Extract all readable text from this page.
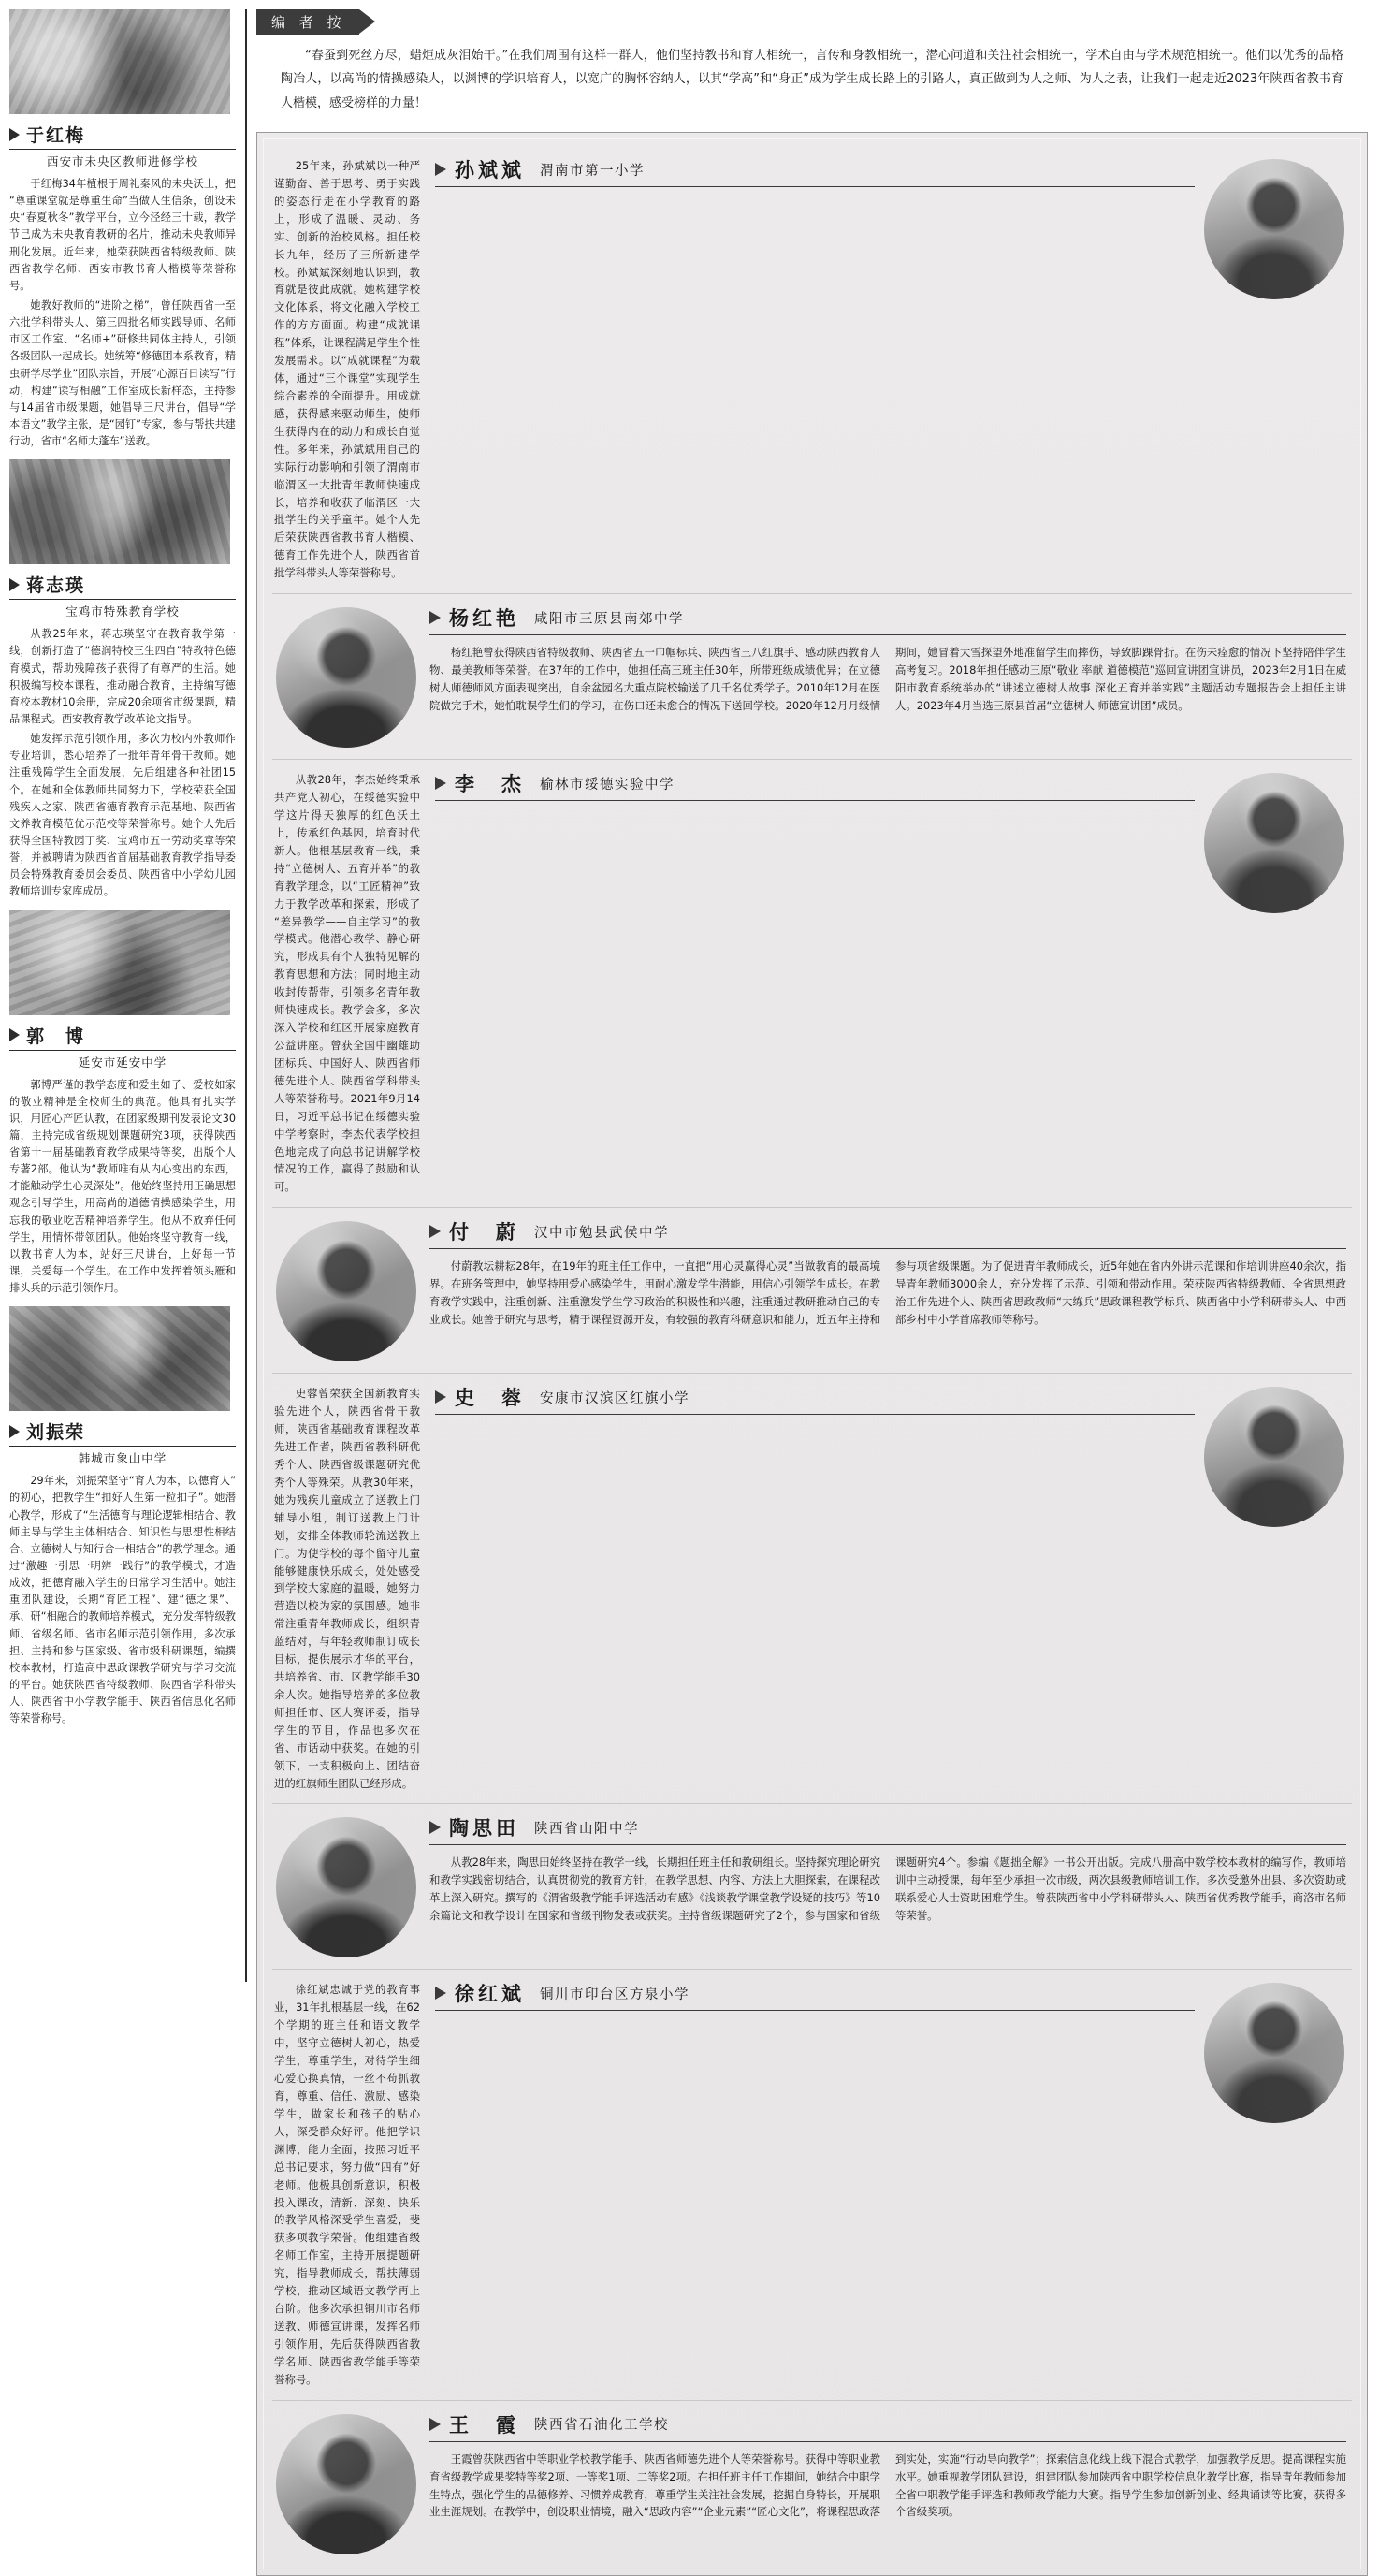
于红梅
西安市未央区教师进修学校

于红梅34年植根于周礼秦风的未央沃土，把“尊重课堂就是尊重生命”当做人生信条，创设未央“春夏秋冬”教学平台，立今泾经三十载，教学节己成为未央教育教研的名片，推动未央教师异刑化发展。近年来，她荣获陕西省特级教师、陕西省教学名师、西安市教书育人楷模等荣誉称号。

她教好教师的“进阶之梯”，曾任陕西省一至六批学科带头人、第三四批名师实践导师、名师市区工作室、“名师+”研修共同体主持人，引领各级团队一起成长。她统筹“修德团本系教育，精虫研学尽学业”团队宗旨，开展“心源百日读写”行动，构建“读写相融”工作室成长新样态，主持参与14届省市级课题，她倡导三尺讲台，倡导“学本语文”教学主张，是“园钉”专家，参与帮扶共建行动，省市“名师大蓬车”送教。

蒋志瑛
宝鸡市特殊教育学校

从教25年来，蒋志瑛坚守在教育教学第一线，创新打造了“德润特校三生四自”特教特色德育模式，帮助残障孩子获得了有尊严的生活。她积极编写校本课程，推动融合教育，主持编写德育校本教材10余册，完成20余项省市级课题，精品课程式。西安教育教学改革论文指导。

她发挥示范引领作用，多次为校内外教师作专业培训，悉心培养了一批年青年骨干教师。她注重残障学生全面发展，先后组建各种社团15个。在她和全体教师共同努力下，学校荣获全国残疾人之家、陕西省德育教育示范基地、陕西省文养教育模范优示范校等荣誉称号。她个人先后获得全国特教园丁奖、宝鸡市五一劳动奖章等荣誉，并被聘请为陕西省首届基础教育教学指导委员会特殊教育委员会委员、陕西省中小学幼儿园教师培训专家库成员。

郭　博
延安市延安中学

郭博严谨的教学态度和爱生如子、爱校如家的敬业精神是全校师生的典范。他具有扎实学识，用匠心产匠认教，在团家级期刊发表论文30篇，主持完成省级规划课题研究3项，获得陕西省第十一届基础教育教学成果特等奖，出版个人专著2部。他认为“教师唯有从内心变出的东西，才能触动学生心灵深处”。他始终坚持用正确思想观念引导学生，用高尚的道德情操感染学生，用忘我的敬业吃苦精神培养学生。他从不放弃任何学生，用情怀带领团队。他始终坚守教育一线，以教书育人为本，站好三尺讲台，上好每一节课，关爱每一个学生。在工作中发挥着领头雁和排头兵的示范引领作用。

刘振荣
韩城市象山中学

29年来，刘振荣坚守“育人为本，以德育人”的初心，把教学生“扣好人生第一粒扣子”。她潜心教学，形成了“生活德育与理论逻辑相结合、教师主导与学生主体相结合、知识性与思想性相结合、立德树人与知行合一相结合”的教学理念。通过“激趣一引思一明辨一践行”的教学模式，才造成效，把德育融入学生的日常学习生活中。她注重团队建设，长期“育匠工程”、建“德之课”、承、研“相融合的教师培养模式，充分发挥特级教师、省级名师、省市名师示范引领作用，多次承担、主持和参与国家级、省市级科研课题，编撰校本教材，打造高中思政课教学研究与学习交流的平台。她获陕西省特级教师、陕西省学科带头人、陕西省中小学教学能手、陕西省信息化名师等荣誉称号。

编 者 按

“春蚕到死丝方尽，蜡炬成灰泪始干。”在我们周围有这样一群人，他们坚持教书和育人相统一，言传和身教相统一，潜心问道和关注社会相统一，学术自由与学术规范相统一。他们以优秀的品格陶冶人，以高尚的情操感染人，以渊博的学识培育人，以宽广的胸怀容纳人，以其“学高”和“身正”成为学生成长路上的引路人，真正做到为人之师、为人之表，让我们一起走近2023年陕西省教书育人楷模，感受榜样的力量！

25年来，孙斌斌以一种严谨勤奋、善于思考、勇于实践的姿态行走在小学教育的路上，形成了温暖、灵动、务实、创新的治校风格。担任校长九年，经历了三所新建学校。孙斌斌深刻地认识到，教育就是彼此成就。她构建学校文化体系，将文化融入学校工作的方方面面。构建“成就课程”体系，让课程满足学生个性发展需求。以“成就课程”为载体，通过“三个课堂”实现学生综合素养的全面提升。用成就感，获得感来驱动师生，使师生获得内在的动力和成长自觉性。多年来，孙斌斌用自己的实际行动影响和引领了渭南市临渭区一大批青年教师快速成长，培养和收获了临渭区一大批学生的关乎童年。她个人先后荣获陕西省教书育人楷模、德育工作先进个人，陕西省首批学科带头人等荣誉称号。

孙斌斌 渭南市第一小学
杨红艳 咸阳市三原县南郊中学

杨红艳曾获得陕西省特级教师、陕西省五一巾帼标兵、陕西省三八红旗手、感动陕西教育人物、最美教师等荣誉。在37年的工作中，她担任高三班主任30年，所带班级成绩优异；在立德树人师德师风方面表现突出，自余盆园名大重点院校输送了几千名优秀学子。2010年12月在医院做完手术，她怕耽误学生们的学习，在伤口还未愈合的情况下送回学校。2020年12月月级情期间，她冒着大雪探望外地准留学生而摔伤，导致脚踝骨折。在伤未痊愈的情况下坚持陪伴学生高考复习。2018年担任感动三原“敬业 率献 道德模范”巡回宣讲团宣讲员，2023年2月1日在威阳市教育系统举办的“讲述立德树人故事 深化五育并举实践”主题活动专题报告会上担任主讲人。2023年4月当选三原县首届“立德树人 师德宣讲团”成员。

从教28年，李杰始终秉承共产党人初心，在绥德实验中学这片得天独厚的红色沃土上，传承红色基因，培育时代新人。他根基层教育一线，秉持“立德树人、五育并举”的教育教学理念，以“工匠精神”致力于教学改革和探索，形成了“差异教学——自主学习”的教学模式。他潜心教学、静心研究，形成具有个人独特见解的教育思想和方法；同时地主动收封传帮带，引领多名青年教师快速成长。教学会多，多次深入学校和红区开展家庭教育公益讲座。曾获全国中幽雄助团标兵、中国好人、陕西省师德先进个人、陕西省学科带头人等荣誉称号。2021年9月14日，习近平总书记在绥德实验中学考察时，李杰代表学校担色地完成了向总书记讲解学校情况的工作，赢得了鼓励和认可。

李　杰 榆林市绥德实验中学
付　蔚 汉中市勉县武侯中学

付蔚教坛耕耘28年，在19年的班主任工作中，一直把“用心灵赢得心灵”当做教育的最高境界。在班务管理中，她坚持用爱心感染学生，用耐心激发学生潜能，用信心引领学生成长。在教育教学实践中，注重创新、注重激发学生学习政治的积极性和兴趣，注重通过教研推动自己的专业成长。她善于研究与思考，精于课程资源开发，有较强的教育科研意识和能力，近五年主持和参与项省级课题。为了促进青年教师成长，近5年她在省内外讲示范课和作培训讲座40余次，指导青年教师3000余人，充分发挥了示范、引领和带动作用。荣获陕西省特级教师、全省思想政治工作先进个人、陕西省思政教师“大练兵”思政课程教学标兵、陕西省中小学科研带头人、中西部乡村中小学首席教师等称号。

史蓉曾荣获全国新教育实验先进个人，陕西省骨干教师，陕西省基础教育课程改革先进工作者，陕西省教科研优秀个人、陕西省级课题研究优秀个人等殊荣。从教30年来，她为残疾儿童成立了送教上门辅导小组，制订送教上门计划，安排全体教师轮流送教上门。为使学校的每个留守儿童能够健康快乐成长，处处感受到学校大家庭的温暖，她努力营造以校为家的氛围感。她非常注重青年教师成长，组织青蓝结对，与年轻教师制订成长目标，提供展示才华的平台，共培养省、市、区教学能手30余人次。她指导培养的多位教师担任市、区大赛评委，指导学生的节目，作品也多次在省、市话动中获奖。在她的引领下，一支积极向上、团结奋进的红旗师生团队已经形成。

史　蓉 安康市汉滨区红旗小学
陶思田 陕西省山阳中学

从教28年来，陶思田始终坚持在教学一线，长期担任班主任和教研组长。坚持探究理论研究和教学实践密切结合，认真贯彻党的教育方针，在教学思想、内容、方法上大胆探索，在课程改革上深入研究。撰写的《渭省级教学能手评选活动有感》《浅谈教学课堂教学设疑的技巧》等10余篇论文和教学设计在国家和省级刊物发表或获奖。主持省级课题研究了2个，参与国家和省级课题研究4个。参编《题拙全解》一书公开出版。完成八册高中数学校本教材的编写作，教师培训中主动授课，每年至少承担一次市级，两次县级教师培训工作。多次受邀外出县、多次资助或联系爱心人士资助困难学生。曾获陕西省中小学科研带头人、陕西省优秀教学能手，商洛市名师等荣誉。

徐红斌忠诚于党的教育事业，31年扎根基层一线，在62个学期的班主任和语文教学中，坚守立德树人初心，热爱学生，尊重学生，对待学生细心爱心换真情，一丝不苟抓教育，尊重、信任、激励、感染学生，做家长和孩子的贴心人，深受群众好评。他把学识渊博，能力全面，按照习近平总书记要求，努力做“四有”好老师。他极具创新意识，积极投入课改，清新、深刻、快乐的教学风格深受学生喜爱，斐获多项教学荣誉。他组建省级名师工作室，主持开展提题研究，指导教师成长，帮扶薄弱学校，推动区域语文教学再上台阶。他多次承担铜川市名师送教、师德宣讲课，发挥名师引领作用，先后获得陕西省教学名师、陕西省教学能手等荣誉称号。

徐红斌 铜川市印台区方泉小学
王　霞 陕西省石油化工学校

王霞曾获陕西省中等职业学校教学能手、陕西省师德先进个人等荣誉称号。获得中等职业教育省级教学成果奖特等奖2项、一等奖1项、二等奖2项。在担任班主任工作期间，她结合中职学生特点，强化学生的品德修养、习惯养成教育，尊重学生关注社会发展，挖掘自身特长，开展职业生涯规划。在教学中，创设职业情境，融入“思政内容”“企业元素”“匠心文化”，将课程思政落到实处，实施“行动导向教学”；探索信息化线上线下混合式教学，加强教学反思。提高课程实施水平。她重视教学团队建设，组建团队参加陕西省中职学校信息化教学比赛，指导青年教师参加全省中职教学能手评选和教师教学能力大赛。指导学生参加创新创业、经典诵读等比赛，获得多个省级奖项。
